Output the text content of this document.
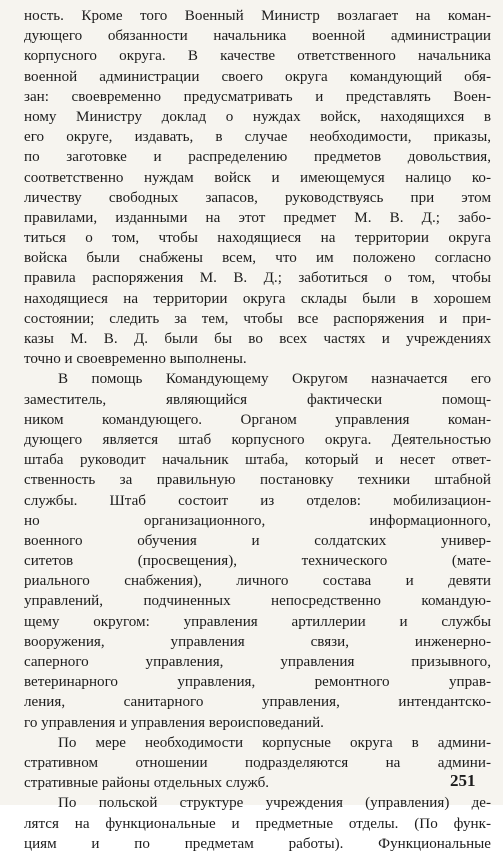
ность. Кроме того Военный Министр возлагает на коман-
дующего обязанности начальника военной администрации
корпусного округа. В качестве ответственного начальника
военной администрации своего округа командующий обя-
зан: своевременно предусматривать и представлять Воен-
ному Министру доклад о нуждах войск, находящихся в
его округе, издавать, в случае необходимости, приказы,
по заготовке и распределению предметов довольствия,
соответственно нуждам войск и имеющемуся налицо ко-
личеству свободных запасов, руководствуясь при этом
правилами, изданными на этот предмет М. В. Д.; забо-
титься о том, чтобы находящиеся на территории округа
войска были снабжены всем, что им положено согласно
правила распоряжения М. В. Д.; заботиться о том, чтобы
находящиеся на территории округа склады были в хорошем
состоянии; следить за тем, чтобы все распоряжения и при-
казы М. В. Д. были бы во всех частях и учреждениях
точно и своевременно выполнены.
В помощь Командующему Округом назначается его
заместитель, являющийся фактически помощ-
ником командующего. Органом управления коман-
дующего является штаб корпусного округа. Деятельностью
штаба руководит начальник штаба, который и несет ответ-
ственность за правильную постановку техники штабной
службы. Штаб состоит из отделов: мобилизацион-
но организационного, информационного,
военного обучения и солдатских универ-
ситетов (просвещения), технического (мате-
риального снабжения), личного состава и девяти
управлений, подчиненных непосредственно командую-
щему округом: управления артиллерии и службы
вооружения, управления связи, инженерно-
саперного управления, управления призывного,
ветеринарного управления, ремонтного управ-
ления, санитарного управления, интендантско-
го управления и управления вероисповеданий.
По мере необходимости корпусные округа в админи-
стративном отношении подразделяются на админи-
стративные районы отдельных служб.
По польской структуре учреждения (управления) де-
лятся на функциональные и предметные отделы. (По функ-
циям и по предметам работы). Функциональные
251
